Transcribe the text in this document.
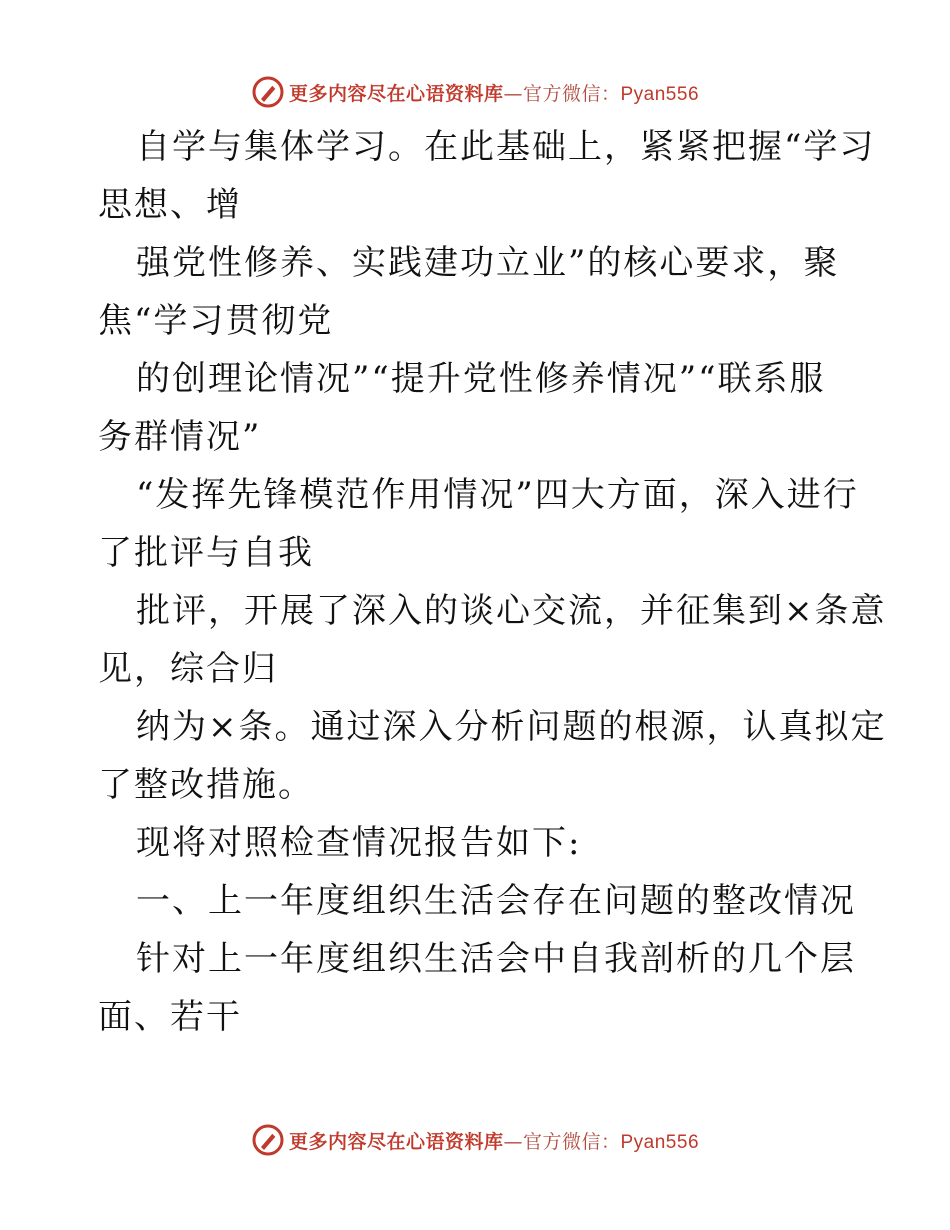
更多内容尽在心语资料库—官方微信：Pyan556
自学与集体学习。在此基础上，紧紧把握“学习
思想、增
强党性修养、实践建功立业”的核心要求，聚
焦“学习贯彻党
的创理论情况”“提升党性修养情况”“联系服
务群情况”
“发挥先锋模范作用情况”四大方面，深入进行
了批评与自我
批评，开展了深入的谈心交流，并征集到×条意
见，综合归
纳为×条。通过深入分析问题的根源，认真拟定
了整改措施。
现将对照检查情况报告如下:
一、上一年度组织生活会存在问题的整改情况
针对上一年度组织生活会中自我剖析的几个层
面、若干
更多内容尽在心语资料库—官方微信：Pyan556
